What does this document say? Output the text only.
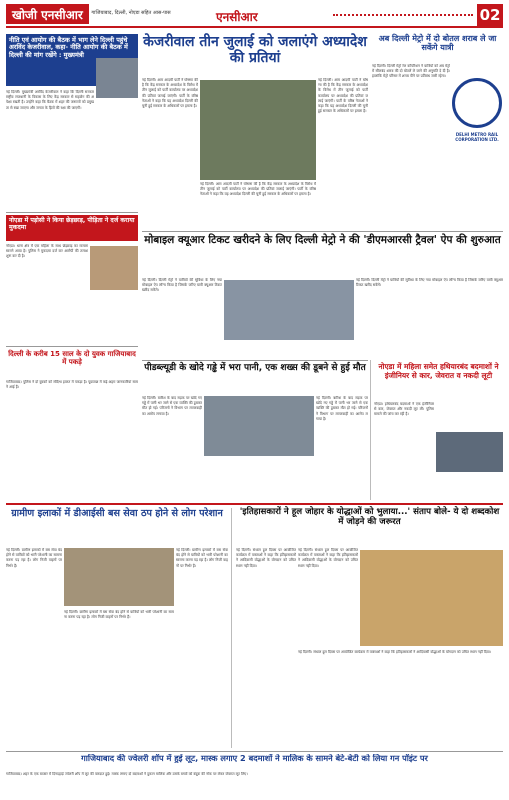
खोजी एनसीआर	गाजियाबाद, दिल्ली, नोएडा सहित आस-पास	एनसीआर	02
नीति एवं आयोग की बैठक में भाग लेने दिल्ली पहुंचे अरविंद केजरीवाल, कहा- नीति आयोग की बैठक में दिल्ली की मांग रखेंगे : मुख्यमंत्री
नई दिल्ली। मुख्यमंत्री अरविंद केजरीवाल ने कहा कि दिल्ली सरकार राष्ट्रीय राजधानी के विकास के लिए केंद्र सरकार से सहयोग की अपेक्षा रखती है। उन्होंने कहा कि बैठक में शहर की जरूरतों को प्रमुखता से रखा जाएगा और जनता के हितों की रक्षा की जाएगी।
नोएडा में पड़ोसी ने किया छेड़छाड़, पीड़िता ने दर्ज कराया मुकदमा
नोएडा। थाना क्षेत्र में एक महिला के साथ छेड़छाड़ का मामला सामने आया है। पुलिस ने मुकदमा दर्ज कर आरोपी की तलाश शुरू कर दी है।
दिल्ली के करीब 15 साल के दो युवक गाजियाबाद में पकड़े
गाजियाबाद। पुलिस ने दो युवकों को संदिग्ध हालत में पकड़ा है। पूछताछ में कई अहम जानकारियां सामने आई हैं।
केजरीवाल तीन जुलाई को जलाएंगे अध्यादेश की प्रतियां
नई दिल्ली। आम आदमी पार्टी ने घोषणा की है कि केंद्र सरकार के अध्यादेश के विरोध में तीन जुलाई को पार्टी कार्यालय पर अध्यादेश की प्रतियां जलाई जाएंगी। पार्टी के वरिष्ठ नेताओं ने कहा कि यह अध्यादेश दिल्ली की चुनी हुई सरकार के अधिकारों पर हमला है।
नई दिल्ली। आम आदमी पार्टी ने घोषणा की है कि केंद्र सरकार के अध्यादेश के विरोध में तीन जुलाई को पार्टी कार्यालय पर अध्यादेश की प्रतियां जलाई जाएंगी। पार्टी के वरिष्ठ नेताओं ने कहा कि यह अध्यादेश दिल्ली की चुनी हुई सरकार के अधिकारों पर हमला है।
नई दिल्ली। आम आदमी पार्टी ने घोषणा की है कि केंद्र सरकार के अध्यादेश के विरोध में तीन जुलाई को पार्टी कार्यालय पर अध्यादेश की प्रतियां जलाई जाएंगी। पार्टी के वरिष्ठ नेताओं ने कहा कि यह अध्यादेश दिल्ली की चुनी हुई सरकार के अधिकारों पर हमला है।
अब दिल्ली मेट्रो में दो बोतल शराब ले जा सकेंगे यात्री
नई दिल्ली। दिल्ली मेट्रो रेल कॉर्पोरेशन ने यात्रियों को अब मेट्रो में सीलबंद शराब की दो बोतलें ले जाने की अनुमति दे दी है। हालांकि मेट्रो परिसर में शराब पीने पर प्रतिबंध जारी रहेगा।
DELHI METRO RAIL CORPORATION LTD.
मोबाइल क्यूआर टिकट खरीदने के लिए दिल्ली मेट्रो ने की 'डीएमआरसी ट्रैवल' ऐप की शुरुआत
नई दिल्ली। दिल्ली मेट्रो ने यात्रियों की सुविधा के लिए नया मोबाइल ऐप लॉन्च किया है जिसके जरिए यात्री क्यूआर टिकट खरीद सकेंगे।
नई दिल्ली। दिल्ली मेट्रो ने यात्रियों की सुविधा के लिए नया मोबाइल ऐप लॉन्च किया है जिसके जरिए यात्री क्यूआर टिकट खरीद सकेंगे।
पीडब्ल्यूडी के खोदे गड्ढे में भरा पानी, एक शख्स की डूबने से हुई मौत
नई दिल्ली। बारिश के बाद सड़क पर खोदे गए गड्ढे में पानी भर जाने से एक व्यक्ति की डूबकर मौत हो गई। परिजनों ने विभाग पर लापरवाही का आरोप लगाया है।
नई दिल्ली। बारिश के बाद सड़क पर खोदे गए गड्ढे में पानी भर जाने से एक व्यक्ति की डूबकर मौत हो गई। परिजनों ने विभाग पर लापरवाही का आरोप लगाया है।
नोएडा में महिला समेत हथियारबंद बदमाशों ने इंजीनियर से कार, जेवरात व नकदी लूटी
नोएडा। हथियारबंद बदमाशों ने एक इंजीनियर से कार, जेवरात और नकदी लूट ली। पुलिस मामले की जांच कर रही है।
ग्रामीण इलाकों में डीआईसी बस सेवा ठप होने से लोग परेशान
नई दिल्ली। ग्रामीण इलाकों में बस सेवा बंद होने से यात्रियों को भारी परेशानी का सामना करना पड़ रहा है। लोग निजी वाहनों पर निर्भर हैं।
नई दिल्ली। ग्रामीण इलाकों में बस सेवा बंद होने से यात्रियों को भारी परेशानी का सामना करना पड़ रहा है। लोग निजी वाहनों पर निर्भर हैं।
नई दिल्ली। ग्रामीण इलाकों में बस सेवा बंद होने से यात्रियों को भारी परेशानी का सामना करना पड़ रहा है। लोग निजी वाहनों पर निर्भर हैं।
'इतिहासकारों ने हूल जोहार के योद्धाओं को भुलाया...' संताप बोले- ये दो शब्दकोश में जोड़ने की जरूरत
नई दिल्ली। संथाल हूल दिवस पर आयोजित कार्यक्रम में वक्ताओं ने कहा कि इतिहासकारों ने आदिवासी योद्धाओं के योगदान को उचित स्थान नहीं दिया।
नई दिल्ली। संथाल हूल दिवस पर आयोजित कार्यक्रम में वक्ताओं ने कहा कि इतिहासकारों ने आदिवासी योद्धाओं के योगदान को उचित स्थान नहीं दिया।
नई दिल्ली। संथाल हूल दिवस पर आयोजित कार्यक्रम में वक्ताओं ने कहा कि इतिहासकारों ने आदिवासी योद्धाओं के योगदान को उचित स्थान नहीं दिया।
गाजियाबाद की ज्वेलरी शॉप में हुई लूट, मास्क लगाए 2 बदमाशों ने मालिक के सामने बेटे-बेटी को लिया गन पॉइंट पर
गाजियाबाद। शहर के एक बाजार में दिनदहाड़े ज्वेलरी शॉप में लूट की वारदात हुई। मास्क लगाए दो बदमाशों ने दुकान मालिक और उसके बच्चों को बंदूक की नोक पर लेकर जेवरात लूट लिए।
